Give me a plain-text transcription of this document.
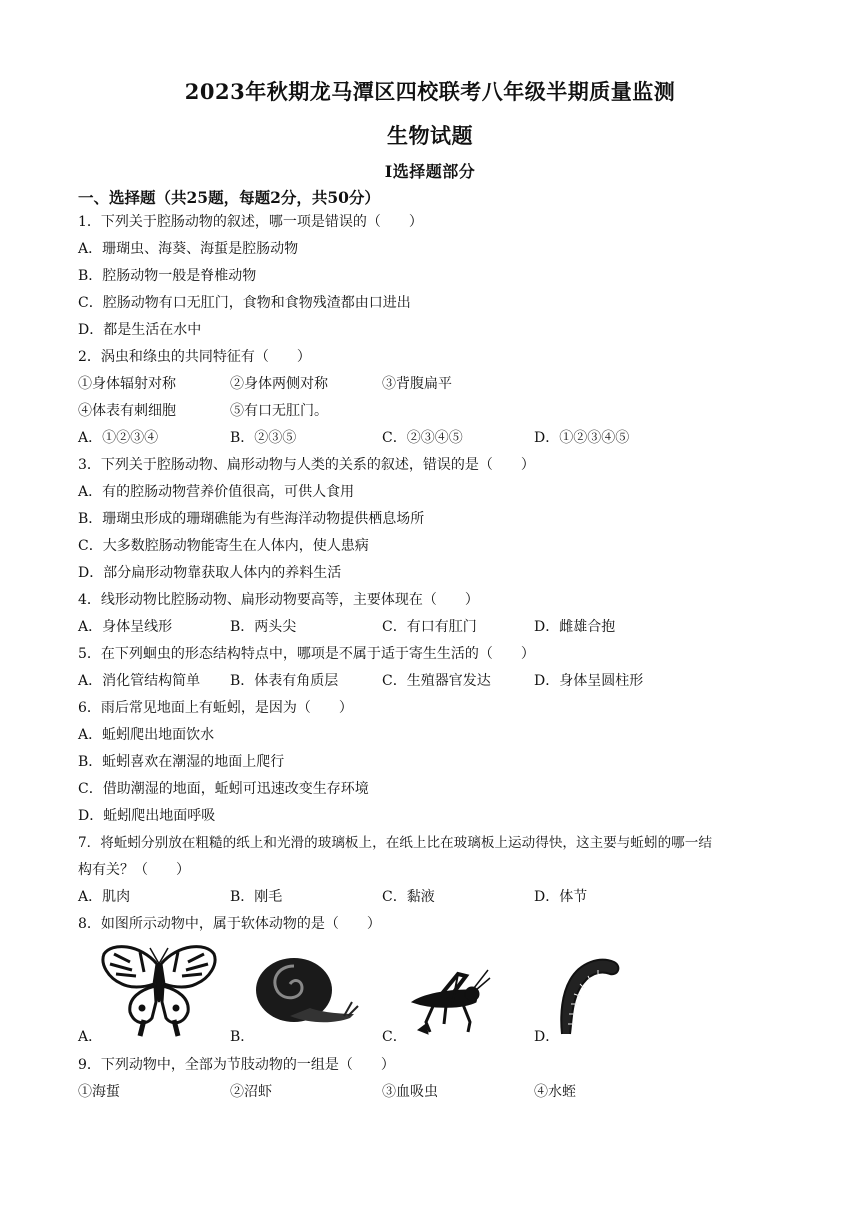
2023年秋期龙马潭区四校联考八年级半期质量监测
生物试题
Ⅰ选择题部分
一、选择题（共25题，每题2分，共50分）
1．下列关于腔肠动物的叙述，哪一项是错误的（　　）
A．珊瑚虫、海葵、海蜇是腔肠动物
B．腔肠动物一般是脊椎动物
C．腔肠动物有口无肛门，食物和食物残渣都由口进出
D．都是生活在水中
2．涡虫和绦虫的共同特征有（　　）
①身体辐射对称	②身体两侧对称	③背腹扁平
④体表有刺细胞	⑤有口无肛门。
A．①②③④	B．②③⑤	C．②③④⑤	D．①②③④⑤
3．下列关于腔肠动物、扁形动物与人类的关系的叙述，错误的是（　　）
A．有的腔肠动物营养价值很高，可供人食用
B．珊瑚虫形成的珊瑚礁能为有些海洋动物提供栖息场所
C．大多数腔肠动物能寄生在人体内，使人患病
D．部分扁形动物靠获取人体内的养料生活
4．线形动物比腔肠动物、扁形动物要高等，主要体现在（　　）
A．身体呈线形	B．两头尖	C．有口有肛门	D．雌雄合抱
5．在下列蛔虫的形态结构特点中，哪项是不属于适于寄生生活的（　　）
A．消化管结构简单 B．体表有角质层	C．生殖器官发达	D．身体呈圆柱形
6．雨后常见地面上有蚯蚓，是因为（　　）
A．蚯蚓爬出地面饮水
B．蚯蚓喜欢在潮湿的地面上爬行
C．借助潮湿的地面，蚯蚓可迅速改变生存环境
D．蚯蚓爬出地面呼吸
7．将蚯蚓分别放在粗糙的纸上和光滑的玻璃板上，在纸上比在玻璃板上运动得快，这主要与蚯蚓的哪一结
构有关？（　　）
A．肌肉	B．刚毛	C．黏液	D．体节
8．如图所示动物中，属于软体动物的是（　　）
A．	B．	C．	D．
9．下列动物中，全部为节肢动物的一组是（　　）
①海蜇	②沼虾	③血吸虫	④水蛭
